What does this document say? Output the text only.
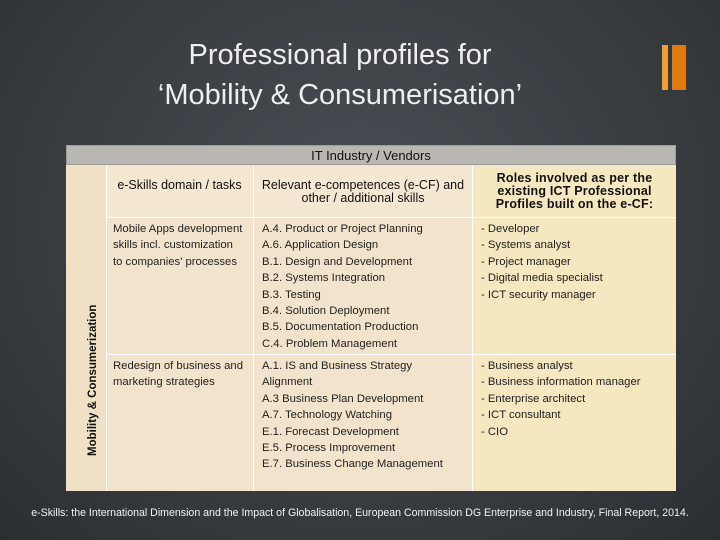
Professional profiles for
‘Mobility & Consumerisation’
IT Industry / Vendors
Mobility & Consumerization
e-Skills domain / tasks	Relevant e-competences (e-CF) and other / additional skills
Roles involved as per the existing ICT Professional Profiles built on the e-CF:
Mobile Apps development skills incl. customization to companies' processes
A.4. Product or Project Planning
A.6. Application Design
B.1. Design and Development
B.2. Systems Integration
B.3. Testing
B.4. Solution Deployment
B.5. Documentation Production
C.4. Problem Management
- Developer
- Systems analyst
- Project manager
- Digital media specialist
- ICT security manager
Redesign of business and marketing strategies
A.1. IS and Business Strategy Alignment
A.3 Business Plan Development
A.7. Technology Watching
E.1. Forecast Development
E.5. Process Improvement
E.7. Business Change Management
- Business analyst
- Business information manager
- Enterprise architect
- ICT consultant
- CIO
e-Skills: the International Dimension and the Impact of Globalisation, European Commission DG Enterprise and Industry, Final Report, 2014.
